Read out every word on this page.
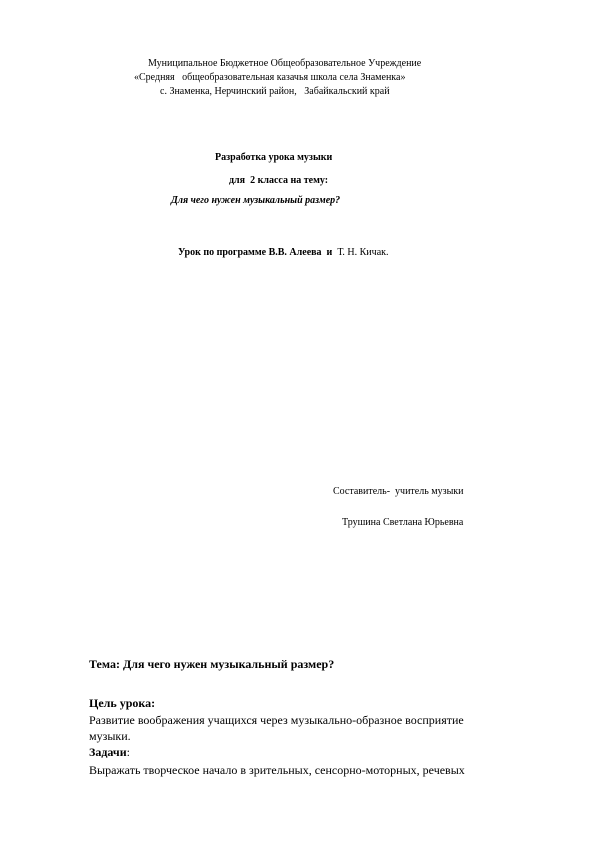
Муниципальное Бюджетное Общеобразовательное Учреждение
«Средняя   общеобразовательная казачья школа села Знаменка»
с. Знаменка, Нерчинский район,   Забайкальский край
Разработка урока музыки
для  2 класса на тему:
Для чего нужен музыкальный размер?
Урок по программе В.В. Алеева  и  Т. Н. Кичак.
Составитель-  учитель музыки
Трушина Светлана Юрьевна
Тема: Для чего нужен музыкальный размер?
Цель урока:
Развитие воображения учащихся через музыкально-образное восприятие
музыки.
Задачи:
Выражать творческое начало в зрительных, сенсорно-моторных, речевых
